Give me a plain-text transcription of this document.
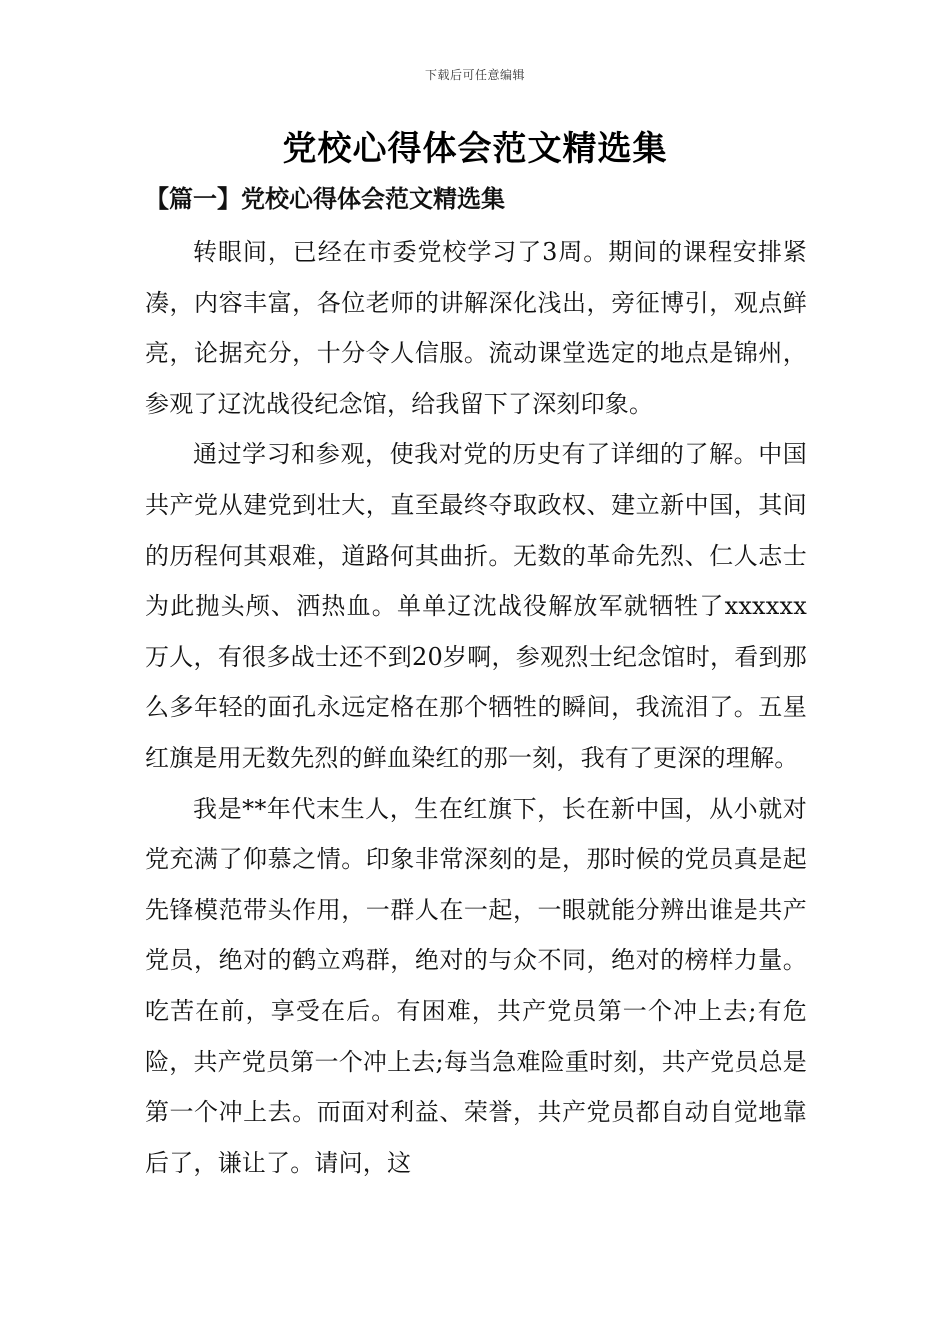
下载后可任意编辑
党校心得体会范文精选集
【篇一】党校心得体会范文精选集

转眼间，已经在市委党校学习了3周。期间的课程安排紧凑，内容丰富，各位老师的讲解深化浅出，旁征博引，观点鲜亮，论据充分，十分令人信服。流动课堂选定的地点是锦州，参观了辽沈战役纪念馆，给我留下了深刻印象。

通过学习和参观，使我对党的历史有了详细的了解。中国共产党从建党到壮大，直至最终夺取政权、建立新中国，其间的历程何其艰难，道路何其曲折。无数的革命先烈、仁人志士为此抛头颅、洒热血。单单辽沈战役解放军就牺牲了xxxxxx万人，有很多战士还不到20岁啊，参观烈士纪念馆时，看到那么多年轻的面孔永远定格在那个牺牲的瞬间，我流泪了。五星红旗是用无数先烈的鲜血染红的那一刻，我有了更深的理解。

我是**年代末生人，生在红旗下，长在新中国，从小就对党充满了仰慕之情。印象非常深刻的是，那时候的党员真是起先锋模范带头作用，一群人在一起，一眼就能分辨出谁是共产党员，绝对的鹤立鸡群，绝对的与众不同，绝对的榜样力量。吃苦在前，享受在后。有困难，共产党员第一个冲上去;有危险，共产党员第一个冲上去;每当急难险重时刻，共产党员总是第一个冲上去。而面对利益、荣誉，共产党员都自动自觉地靠后了，谦让了。请问，这
